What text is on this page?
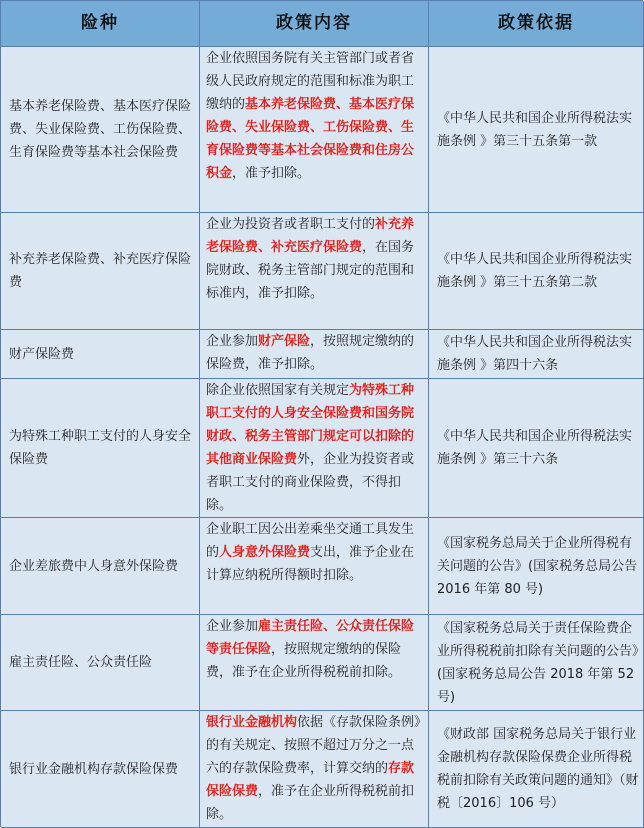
险种	政策内容	政策依据
基本养老保险费、基本医疗保险费、失业保险费、工伤保险费、生育保险费等基本社会保险费
企业依照国务院有关主管部门或者省级人民政府规定的范围和标准为职工缴纳的基本养老保险费、基本医疗保险费、失业保险费、工伤保险费、生育保险费等基本社会保险费和住房公积金，准予扣除。
《中华人民共和国企业所得税法实施条例 》第三十五条第一款
补充养老保险费、补充医疗保险费
企业为投资者或者职工支付的补充养老保险费、补充医疗保险费，在国务院财政、税务主管部门规定的范围和标准内，准予扣除。
《中华人民共和国企业所得税法实施条例 》第三十五条第二款
财产保险费
企业参加财产保险，按照规定缴纳的保险费，准予扣除。
《中华人民共和国企业所得税法实施条例 》第四十六条
为特殊工种职工支付的人身安全保险费
除企业依照国家有关规定为特殊工种职工支付的人身安全保险费和国务院财政、税务主管部门规定可以扣除的其他商业保险费外，企业为投资者或者职工支付的商业保险费，不得扣除。
《中华人民共和国企业所得税法实施条例 》第三十六条
企业差旅费中人身意外保险费
企业职工因公出差乘坐交通工具发生的人身意外保险费支出，准予企业在计算应纳税所得额时扣除。
《国家税务总局关于企业所得税有关问题的公告》(国家税务总局公告 2016 年第 80 号)
雇主责任险、公众责任险
企业参加雇主责任险、公众责任保险等责任保险，按照规定缴纳的保险费，准予在企业所得税税前扣除。
《国家税务总局关于责任保险费企业所得税税前扣除有关问题的公告》(国家税务总局公告 2018 年第 52 号)
银行业金融机构存款保险保费
银行业金融机构依据《存款保险条例》的有关规定、按照不超过万分之一点六的存款保险费率，计算交纳的存款保险保费，准予在企业所得税税前扣除。
《财政部 国家税务总局关于银行业金融机构存款保险保费企业所得税税前扣除有关政策问题的通知》（财税〔2016〕106 号）
